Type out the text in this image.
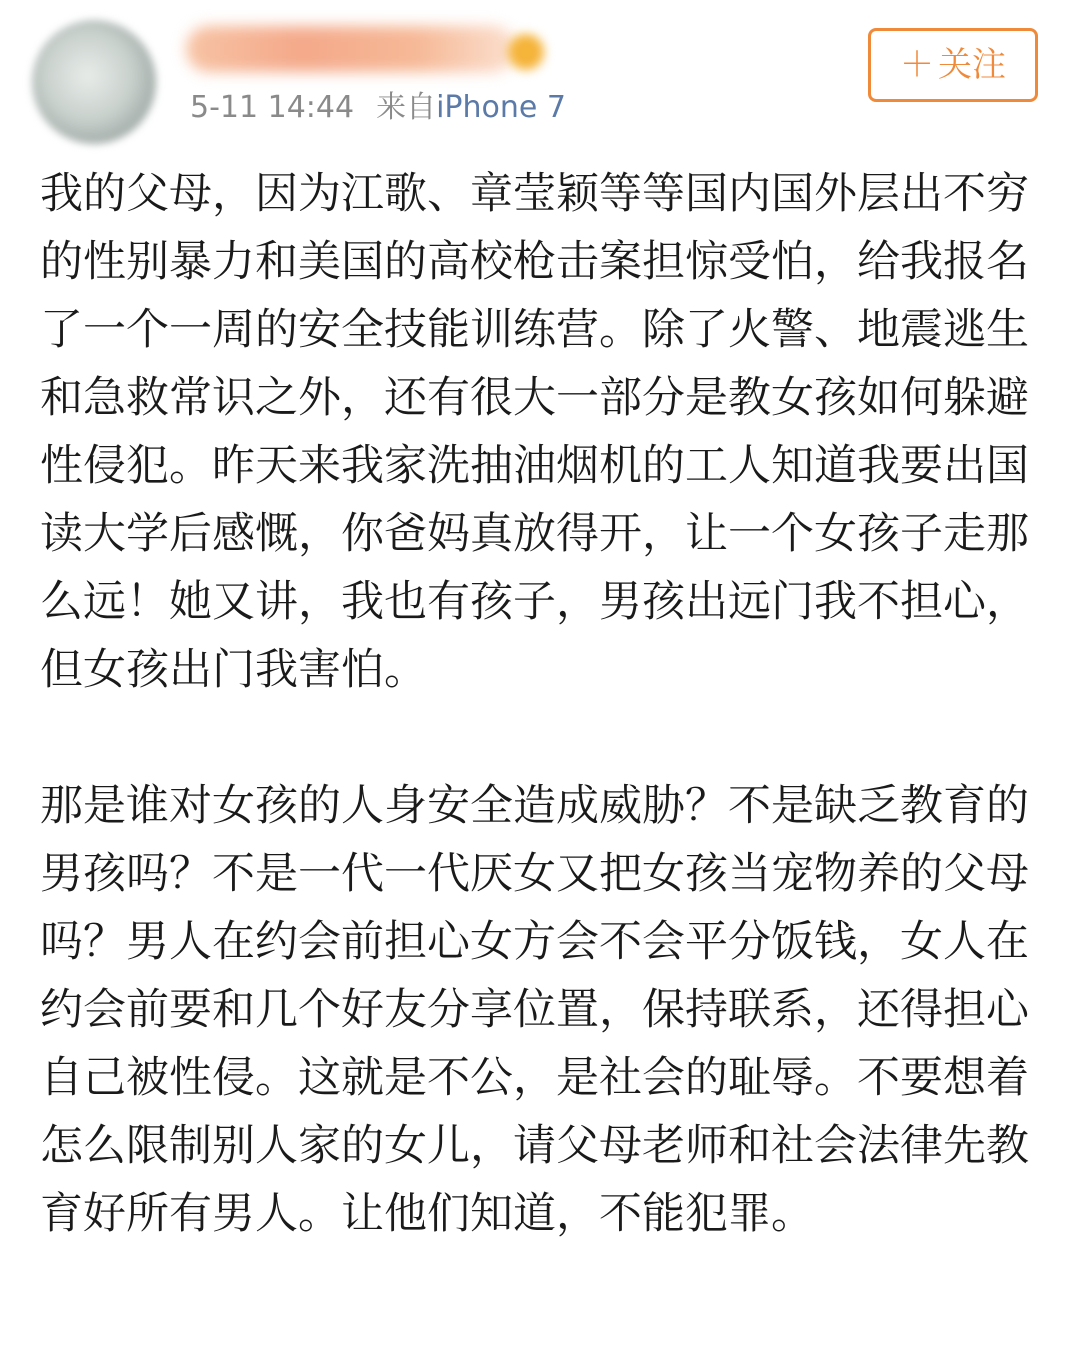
5-11 14:44 来自iPhone 7
＋ 关注

我的父母，因为江歌、章莹颖等等国内国外层出不穷的性别暴力和美国的高校枪击案担惊受怕，给我报名了一个一周的安全技能训练营。除了火警、地震逃生和急救常识之外，还有很大一部分是教女孩如何躲避性侵犯。昨天来我家洗抽油烟机的工人知道我要出国读大学后感慨，你爸妈真放得开，让一个女孩子走那么远！她又讲，我也有孩子，男孩出远门我不担心，但女孩出门我害怕。

那是谁对女孩的人身安全造成威胁？不是缺乏教育的男孩吗？不是一代一代厌女又把女孩当宠物养的父母吗？男人在约会前担心女方会不会平分饭钱，女人在约会前要和几个好友分享位置，保持联系，还得担心自己被性侵。这就是不公，是社会的耻辱。不要想着怎么限制别人家的女儿，请父母老师和社会法律先教育好所有男人。让他们知道，不能犯罪。
